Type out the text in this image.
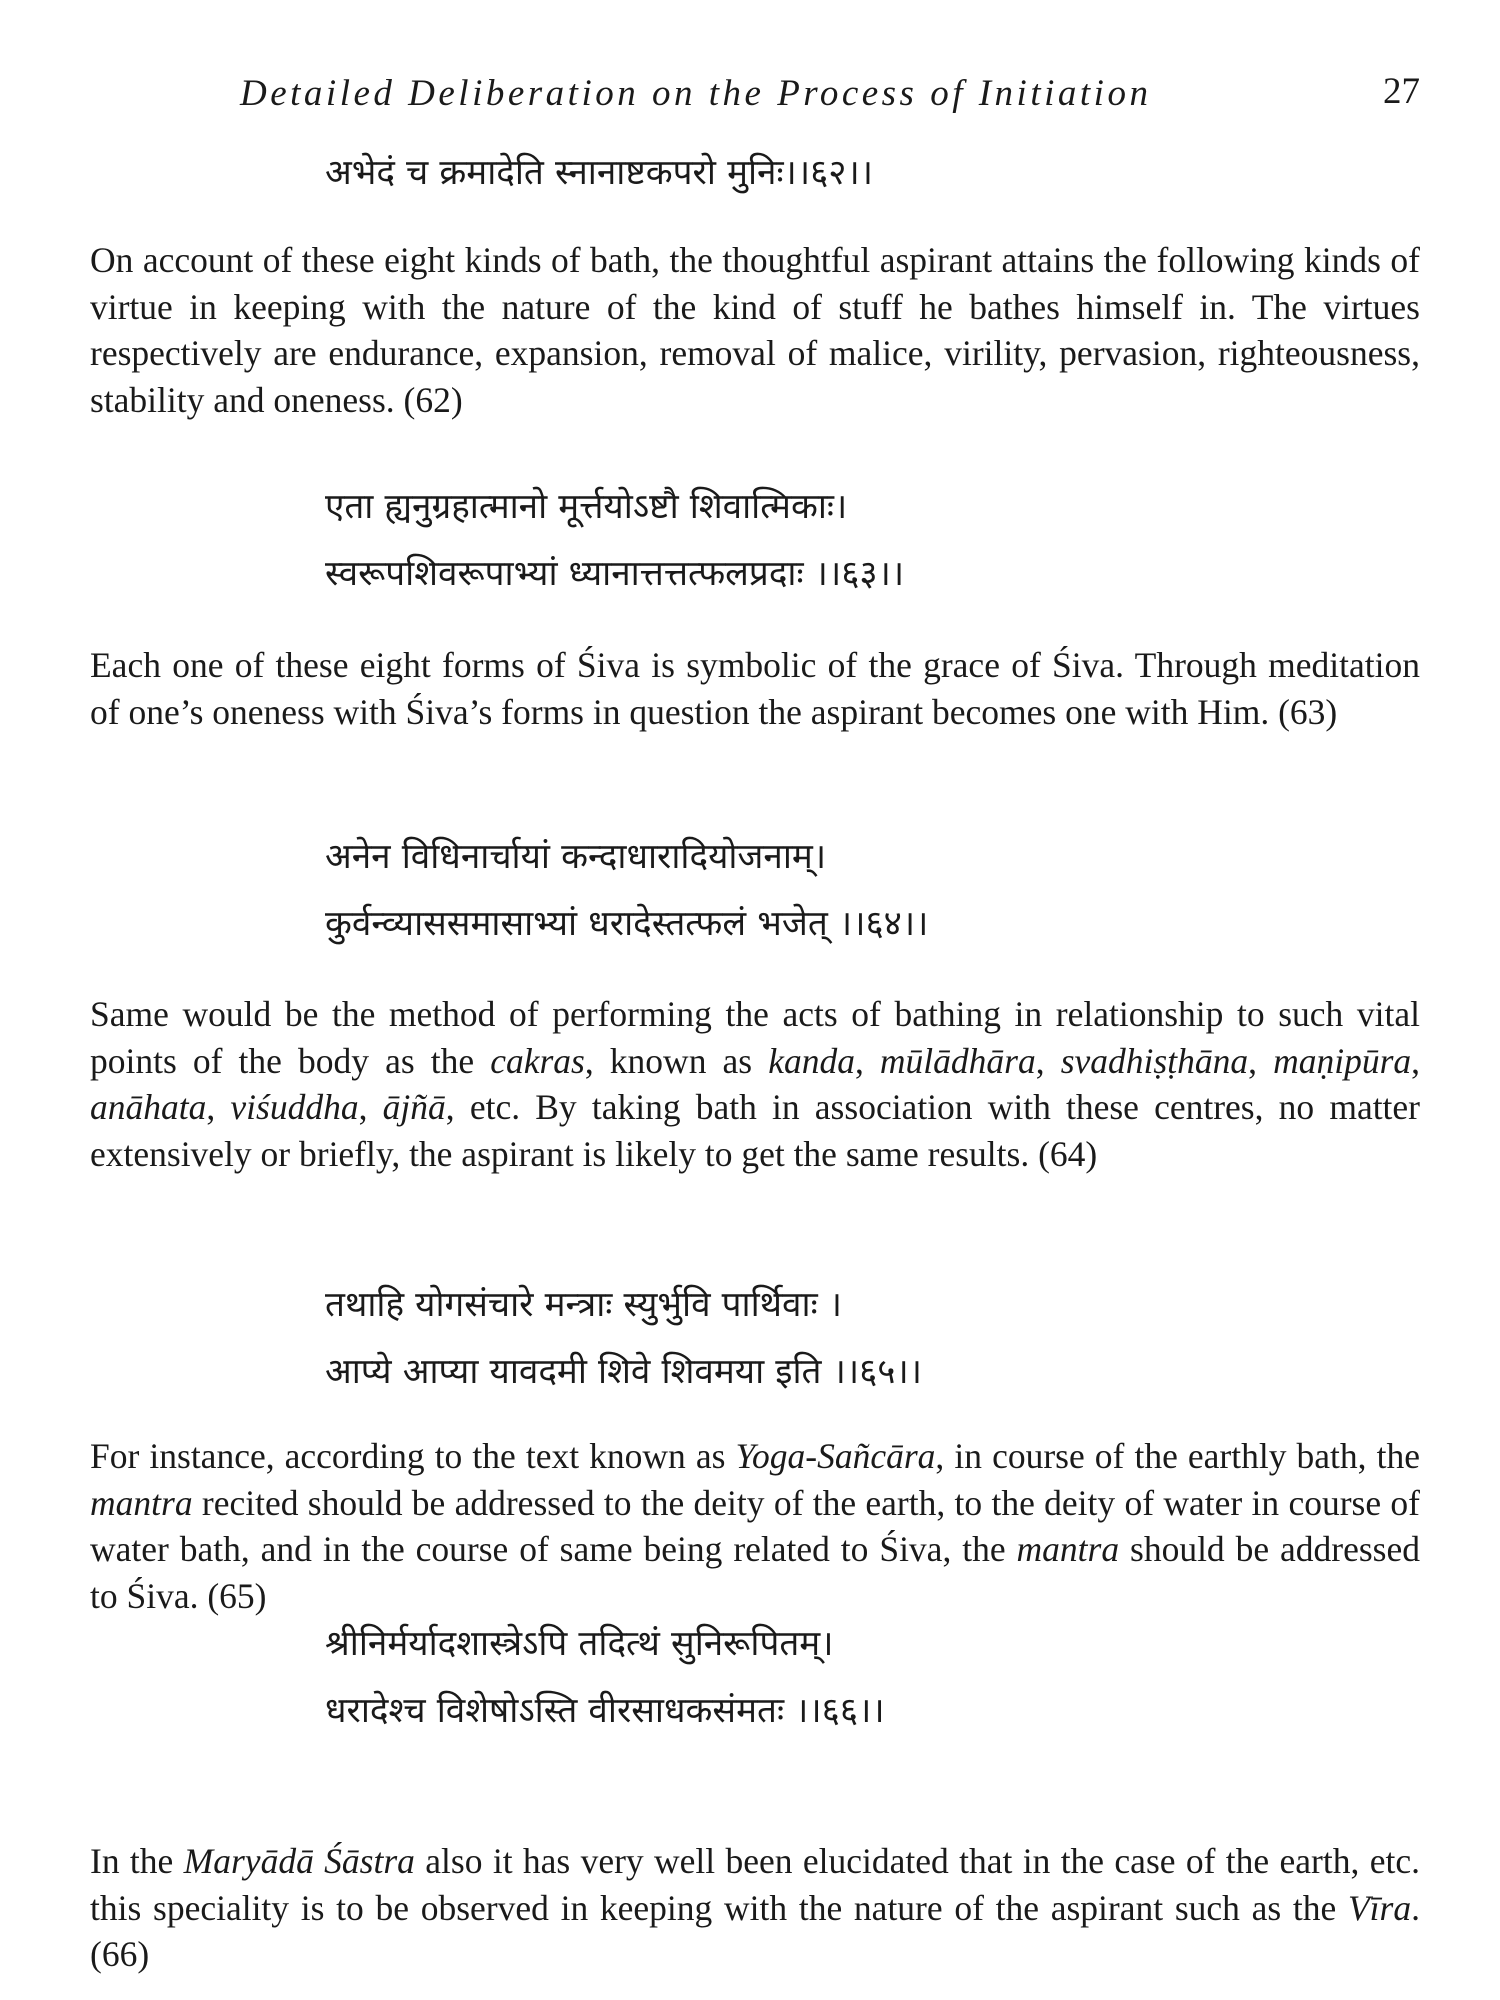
Detailed Deliberation on the Process of Initiation	27
अभेदं च क्रमादेति स्नानाष्टकपरो मुनिः।।६२।।

On account of these eight kinds of bath, the thoughtful aspirant attains the following kinds of virtue in keeping with the nature of the kind of stuff he bathes himself in. The virtues respectively are endurance, expansion, removal of malice, virility, pervasion, righteousness, stability and oneness. (62)

एता ह्यनुग्रहात्मानो मूर्त्तयोऽष्टौ शिवात्मिकाः।
स्वरूपशिवरूपाभ्यां ध्यानात्तत्तत्फलप्रदाः ।।६३।।

Each one of these eight forms of Śiva is symbolic of the grace of Śiva. Through meditation of one’s oneness with Śiva’s forms in question the aspirant becomes one with Him. (63)

अनेन विधिनार्चायां कन्दाधारादियोजनाम्।
कुर्वन्व्याससमासाभ्यां धरादेस्तत्फलं भजेत् ।।६४।।

Same would be the method of performing the acts of bathing in relationship to such vital points of the body as the cakras, known as kanda, mūlādhāra, svadhiṣṭhāna, maṇipūra, anāhata, viśuddha, ājñā, etc. By taking bath in association with these centres, no matter extensively or briefly, the aspirant is likely to get the same results. (64)

तथाहि योगसंचारे मन्त्राः स्युर्भुवि पार्थिवाः ।
आप्ये आप्या यावदमी शिवे शिवमया इति ।।६५।।

For instance, according to the text known as Yoga-Sañcāra, in course of the earthly bath, the mantra recited should be addressed to the deity of the earth, to the deity of water in course of water bath, and in the course of same being related to Śiva, the mantra should be addressed to Śiva. (65)

श्रीनिर्मर्यादशास्त्रेऽपि तदित्थं सुनिरूपितम्।
धरादेश्च विशेषोऽस्ति वीरसाधकसंमतः ।।६६।।

In the Maryādā Śāstra also it has very well been elucidated that in the case of the earth, etc. this speciality is to be observed in keeping with the nature of the aspirant such as the Vīra. (66)
